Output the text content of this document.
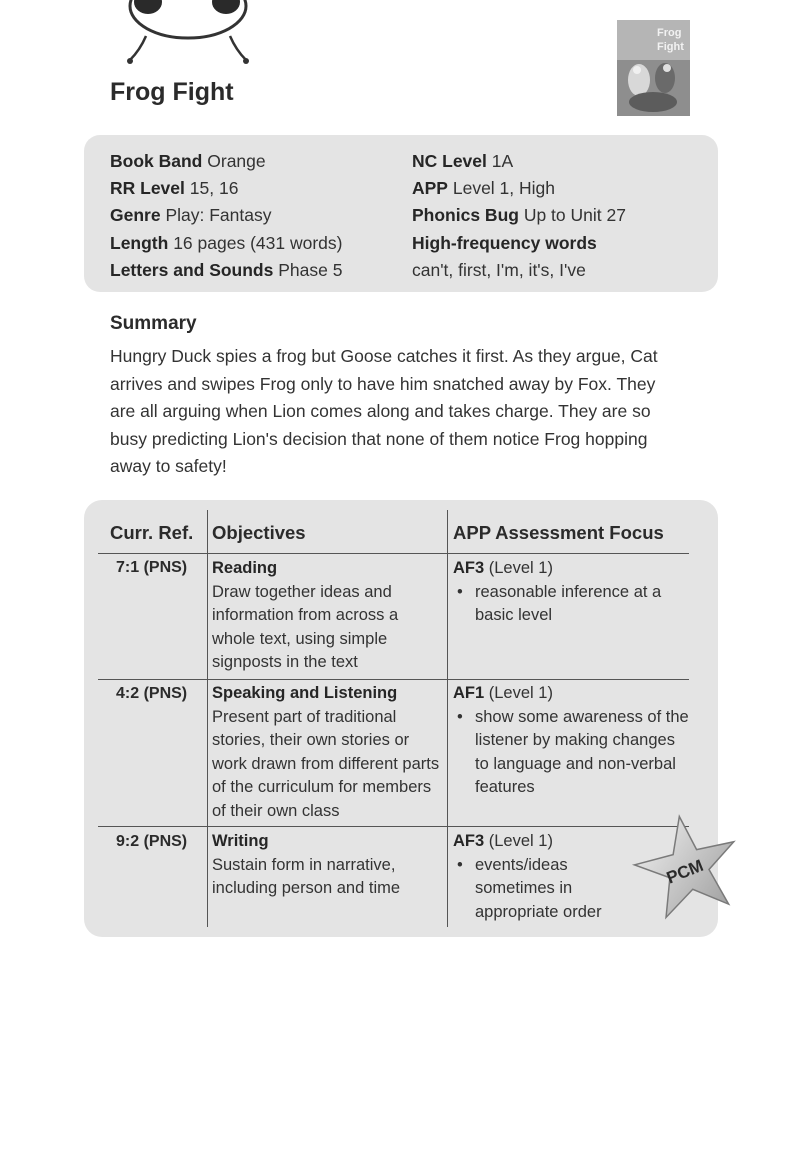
Frog Fight
Frog
Fight
Book Band Orange
RR Level 15, 16
Genre Play: Fantasy
Length 16 pages (431 words)
Letters and Sounds Phase 5
NC Level 1A
APP Level 1, High
Phonics Bug Up to Unit 27
High-frequency words
can't, first, I'm, it's, I've
Summary

Hungry Duck spies a frog but Goose catches it first. As they argue, Cat arrives and swipes Frog only to have him snatched away by Fox. They are all arguing when Lion comes along and takes charge. They are so busy predicting Lion's decision that none of them notice Frog hopping away to safety!

Curr. Ref. Objectives	APP Assessment Focus
7:1 (PNS) Reading
Draw together ideas and information from across a whole text, using simple signposts in the text
AF3 (Level 1)
• reasonable inference at a basic level
4:2 (PNS) Speaking and Listening
Present part of traditional stories, their own stories or work drawn from different parts of the curriculum for members of their own class
AF1 (Level 1)
• show some awareness of the listener by making changes to language and non-verbal features
9:2 (PNS) Writing
Sustain form in narrative, including person and time
AF3 (Level 1)
• events/ideas sometimes in appropriate order
PCM
